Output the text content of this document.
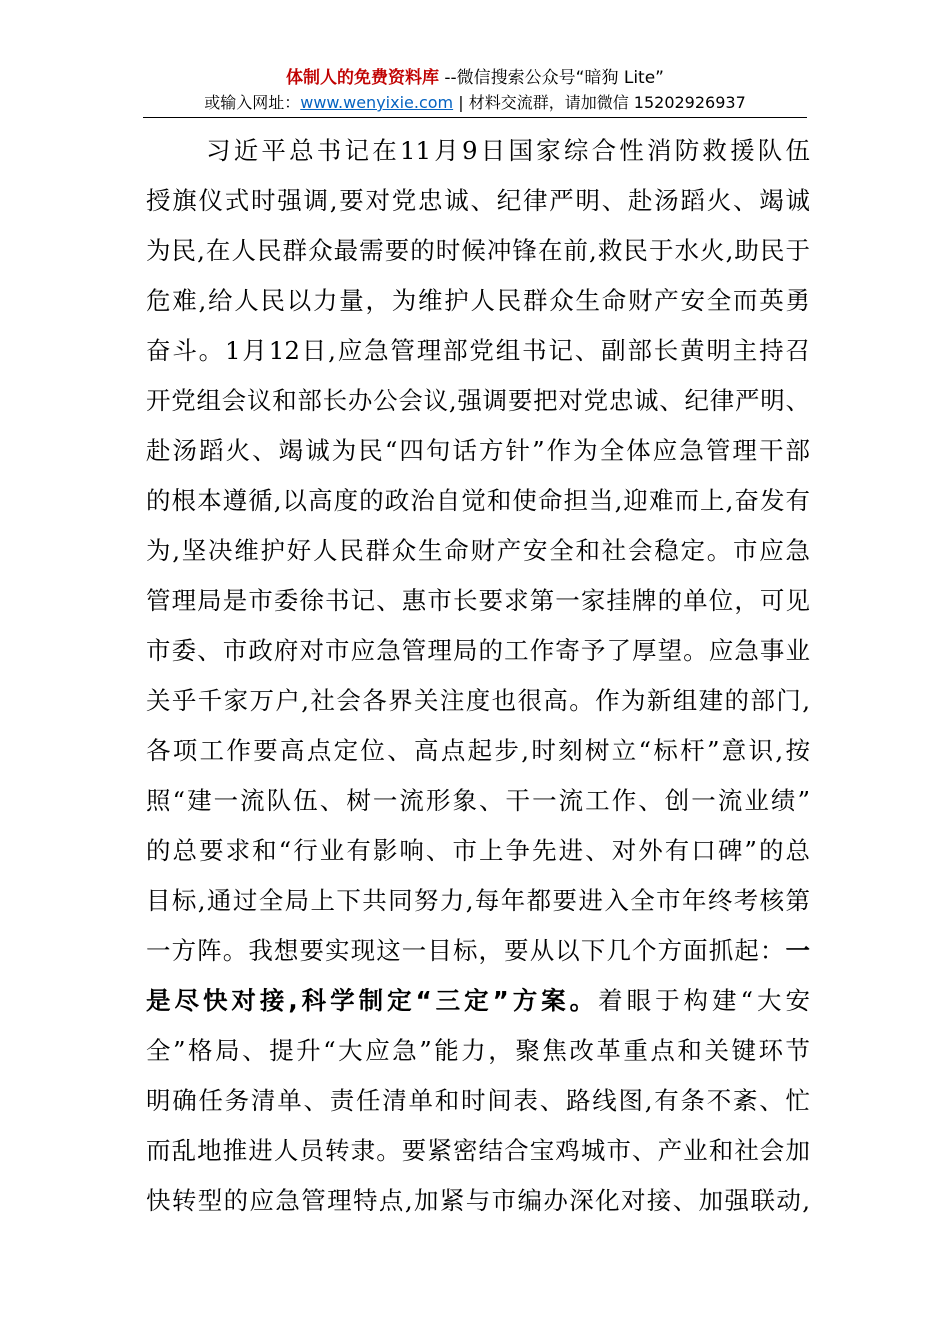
体制人的免费资料库 --微信搜索公众号“暗狗 Lite”
或输入网址：www.wenyixie.com | 材料交流群，请加微信 15202926937
习近平总书记在11月9日国家综合性消防救援队伍
授旗仪式时强调,要对党忠诚、纪律严明、赴汤蹈火、竭诚
为民,在人民群众最需要的时候冲锋在前,救民于水火,助民于
危难,给人民以力量，为维护人民群众生命财产安全而英勇
奋斗。1月12日,应急管理部党组书记、副部长黄明主持召
开党组会议和部长办公会议,强调要把对党忠诚、纪律严明、
赴汤蹈火、竭诚为民“四句话方针”作为全体应急管理干部
的根本遵循,以高度的政治自觉和使命担当,迎难而上,奋发有
为,坚决维护好人民群众生命财产安全和社会稳定。市应急
管理局是市委徐书记、惠市长要求第一家挂牌的单位，可见
市委、市政府对市应急管理局的工作寄予了厚望。应急事业
关乎千家万户,社会各界关注度也很高。作为新组建的部门,
各项工作要高点定位、高点起步,时刻树立“标杆”意识,按
照“建一流队伍、树一流形象、干一流工作、创一流业绩”
的总要求和“行业有影响、市上争先进、对外有口碑”的总
目标,通过全局上下共同努力,每年都要进入全市年终考核第
一方阵。我想要实现这一目标，要从以下几个方面抓起：一
是尽快对接,科学制定“三定”方案。着眼于构建“大安
全”格局、提升“大应急”能力，聚焦改革重点和关键环节
明确任务清单、责任清单和时间表、路线图,有条不紊、忙
而乱地推进人员转隶。要紧密结合宝鸡城市、产业和社会加
快转型的应急管理特点,加紧与市编办深化对接、加强联动,
